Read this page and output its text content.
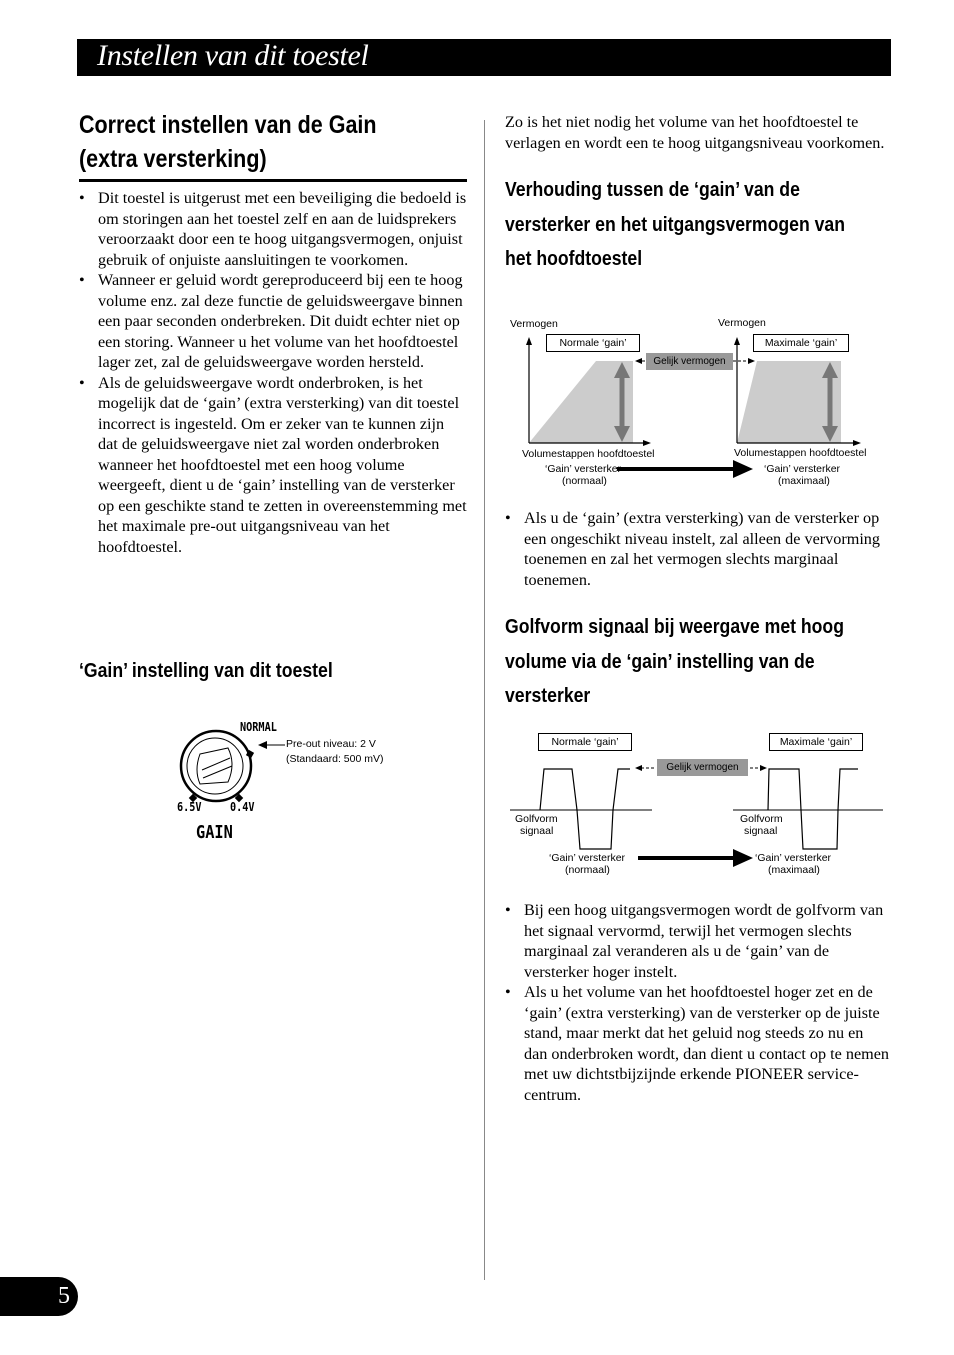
Instellen van dit toestel
Correct instellen van de Gain
(extra versterking)
• Dit toestel is uitgerust met een beveiliging die bedoeld is om storingen aan het toestel zelf en aan de luidsprekers veroorzaakt door een te hoog uitgangsvermogen, onjuist gebruik of onjuiste aansluitingen te voorkomen.
• Wanneer er geluid wordt gereproduceerd bij een te hoog volume enz. zal deze functie de geluidsweergave binnen een paar seconden onderbreken. Dit duidt echter niet op een storing. Wanneer u het volume van het hoofdtoestel lager zet, zal de geluidsweergave worden hersteld.
• Als de geluidsweergave wordt onderbroken, is het mogelijk dat de ‘gain’ (extra versterking) van dit toestel incorrect is ingesteld. Om er zeker van te kunnen zijn dat de geluidsweergave niet zal worden onderbroken wanneer het hoofdtoestel met een hoog volume weergeeft, dient u de ‘gain’ instelling van de versterker op een geschikte stand te zetten in overeenstemming met het maximale pre-out uitgangsniveau van het hoofdtoestel.
‘Gain’ instelling van dit toestel
NORMAL
Pre-out niveau: 2 V
(Standaard: 500 mV)
6.5V 0.4V
GAIN
Zo is het niet nodig het volume van het hoofdtoestel te verlagen en wordt een te hoog uitgangsniveau voorkomen.
Verhouding tussen de ‘gain’ van de
versterker en het uitgangsvermogen van
het hoofdtoestel
Vermogen	Vermogen
Normale ‘gain’	Maximale ‘gain’
Gelijk vermogen
Volumestappen hoofdtoestel	Volumestappen hoofdtoestel
‘Gain’ versterker
(normaal)
‘Gain’ versterker
(maximaal)
• Als u de ‘gain’ (extra versterking) van de versterker op een ongeschikt niveau instelt, zal alleen de vervorming toenemen en zal het vermogen slechts marginaal toenemen.
Golfvorm signaal bij weergave met hoog
volume via de ‘gain’ instelling van de
versterker
Normale ‘gain’	Maximale ‘gain’
Gelijk vermogen
Golfvorm
signaal
Golfvorm
signaal
‘Gain’ versterker
(normaal)
‘Gain’ versterker
(maximaal)
• Bij een hoog uitgangsvermogen wordt de golfvorm van het signaal vervormd, terwijl het vermogen slechts marginaal zal veranderen als u de ‘gain’ van de versterker hoger instelt.
• Als u het volume van het hoofdtoestel hoger zet en de ‘gain’ (extra versterking) van de versterker op de juiste stand, maar merkt dat het geluid nog steeds zo nu en dan onderbroken wordt, dan dient u contact op te nemen met uw dichtstbijzijnde erkende PIONEER service-centrum.
5
